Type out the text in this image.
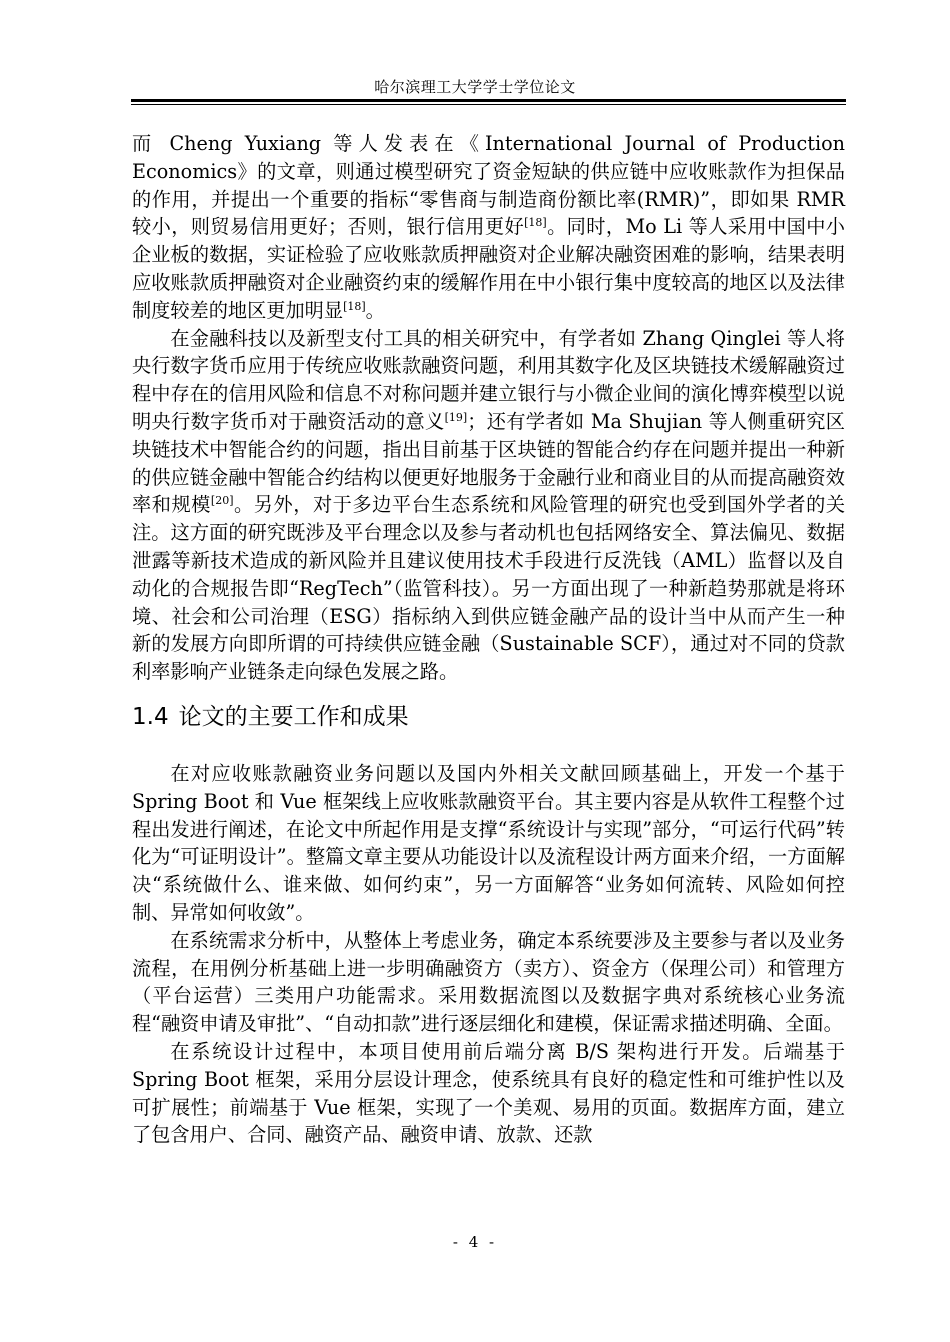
哈尔滨理工大学学士学位论文

而 Cheng Yuxiang 等人发表在《International Journal of Production Economics》的文章，则通过模型研究了资金短缺的供应链中应收账款作为担保品的作用，并提出一个重要的指标“零售商与制造商份额比率(RMR)”，即如果 RMR 较小，则贸易信用更好；否则，银行信用更好[18]。同时，Mo Li 等人采用中国中小企业板的数据，实证检验了应收账款质押融资对企业解决融资困难的影响，结果表明应收账款质押融资对企业融资约束的缓解作用在中小银行集中度较高的地区以及法律制度较差的地区更加明显[18]。

在金融科技以及新型支付工具的相关研究中，有学者如 Zhang Qinglei 等人将央行数字货币应用于传统应收账款融资问题，利用其数字化及区块链技术缓解融资过程中存在的信用风险和信息不对称问题并建立银行与小微企业间的演化博弈模型以说明央行数字货币对于融资活动的意义[19]；还有学者如 Ma Shujian 等人侧重研究区块链技术中智能合约的问题，指出目前基于区块链的智能合约存在问题并提出一种新的供应链金融中智能合约结构以便更好地服务于金融行业和商业目的从而提高融资效率和规模[20]。另外，对于多边平台生态系统和风险管理的研究也受到国外学者的关注。这方面的研究既涉及平台理念以及参与者动机也包括网络安全、算法偏见、数据泄露等新技术造成的新风险并且建议使用技术手段进行反洗钱（AML）监督以及自动化的合规报告即“RegTech”（监管科技）。另一方面出现了一种新趋势那就是将环境、社会和公司治理（ESG）指标纳入到供应链金融产品的设计当中从而产生一种新的发展方向即所谓的可持续供应链金融（Sustainable SCF），通过对不同的贷款利率影响产业链条走向绿色发展之路。

1.4 论文的主要工作和成果

在对应收账款融资业务问题以及国内外相关文献回顾基础上，开发一个基于 Spring Boot 和 Vue 框架线上应收账款融资平台。其主要内容是从软件工程整个过程出发进行阐述，在论文中所起作用是支撑“系统设计与实现”部分，“可运行代码”转化为“可证明设计”。整篇文章主要从功能设计以及流程设计两方面来介绍，一方面解决“系统做什么、谁来做、如何约束”，另一方面解答“业务如何流转、风险如何控制、异常如何收敛”。

在系统需求分析中，从整体上考虑业务，确定本系统要涉及主要参与者以及业务流程，在用例分析基础上进一步明确融资方（卖方）、资金方（保理公司）和管理方（平台运营）三类用户功能需求。采用数据流图以及数据字典对系统核心业务流程“融资申请及审批”、“自动扣款”进行逐层细化和建模，保证需求描述明确、全面。

在系统设计过程中，本项目使用前后端分离 B/S 架构进行开发。后端基于 Spring Boot 框架，采用分层设计理念，使系统具有良好的稳定性和可维护性以及可扩展性；前端基于 Vue 框架，实现了一个美观、易用的页面。数据库方面，建立了包含用户、合同、融资产品、融资申请、放款、还款

- 4 -
